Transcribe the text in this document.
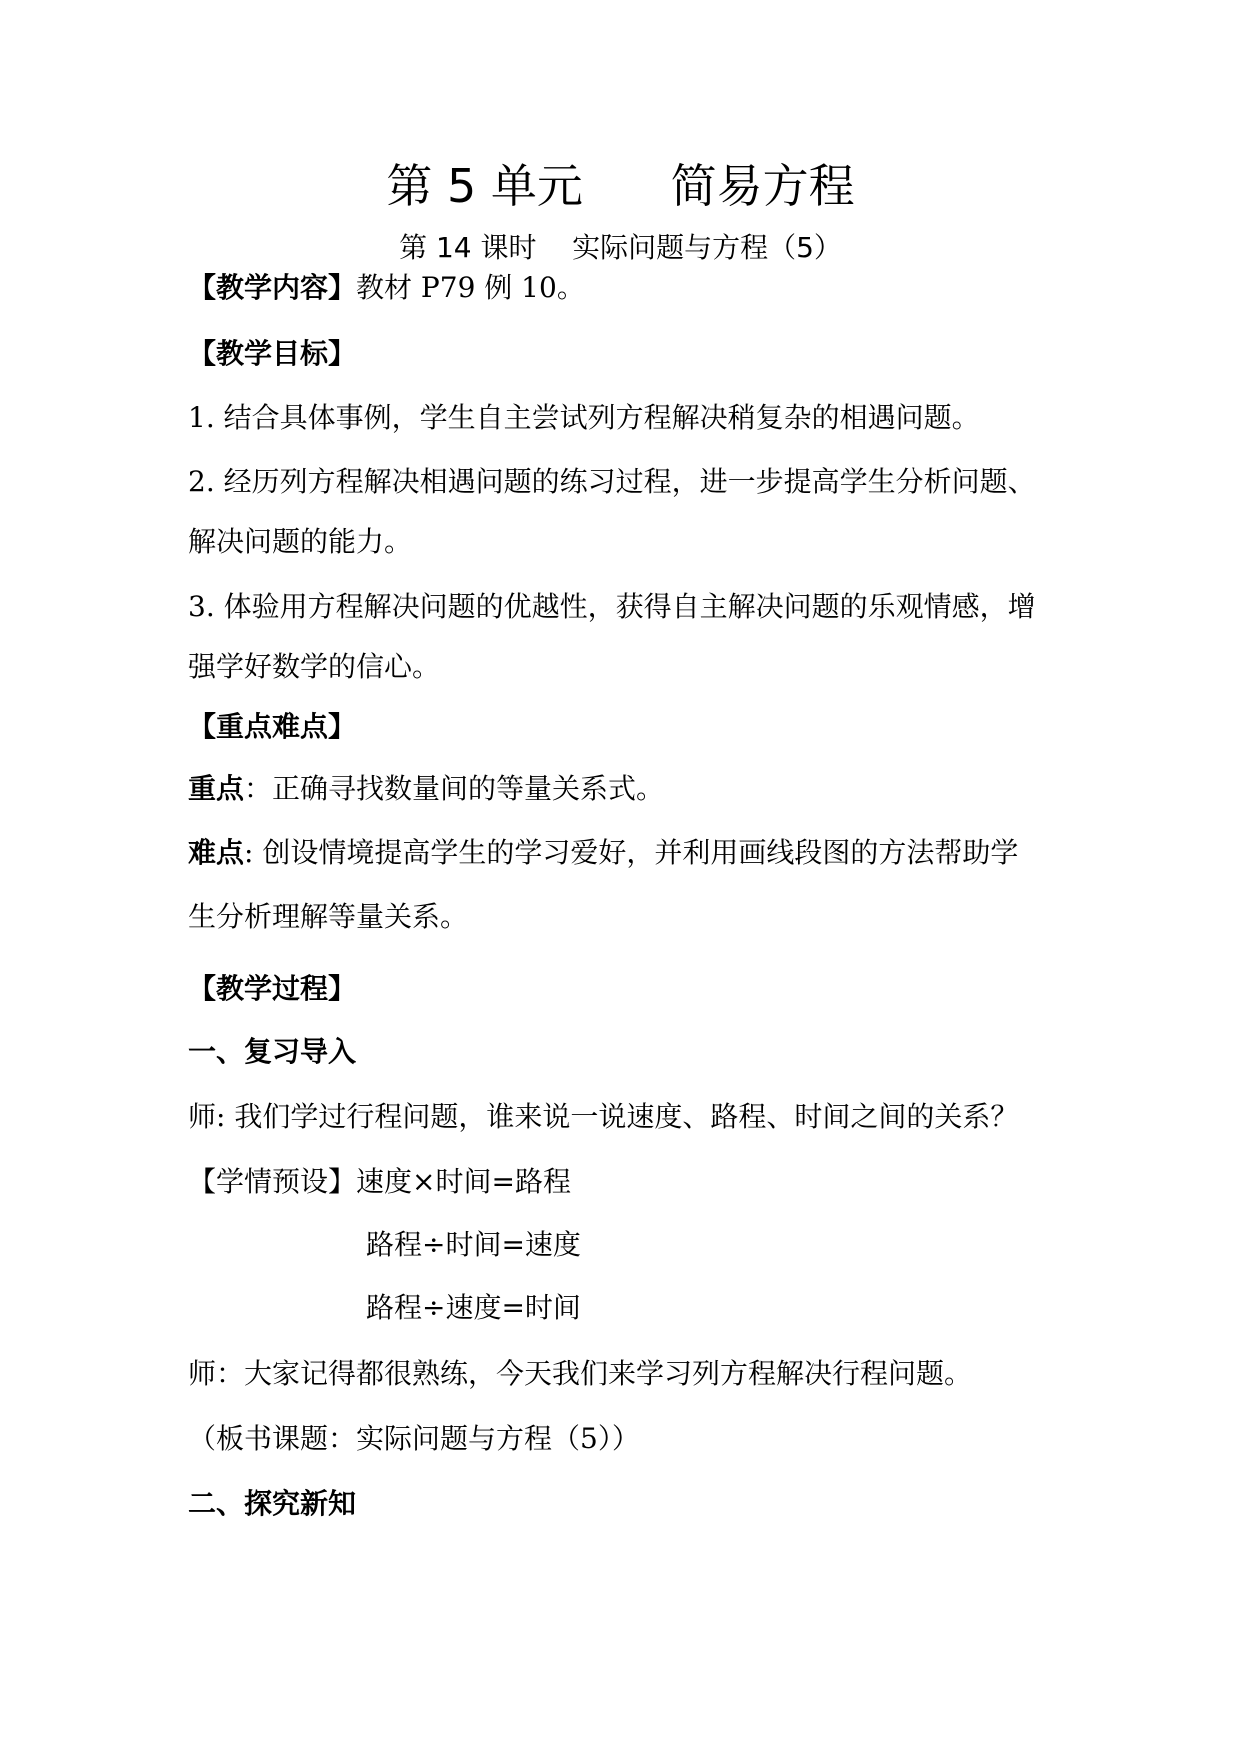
第 5 单元      简易方程
第 14 课时    实际问题与方程（5）
【教学内容】教材 P79 例 10。
【教学目标】
1. 结合具体事例，学生自主尝试列方程解决稍复杂的相遇问题。
2. 经历列方程解决相遇问题的练习过程，进一步提高学生分析问题、
解决问题的能力。
3. 体验用方程解决问题的优越性，获得自主解决问题的乐观情感，增
强学好数学的信心。
【重点难点】
重点：正确寻找数量间的等量关系式。
难点: 创设情境提高学生的学习爱好，并利用画线段图的方法帮助学
生分析理解等量关系。
【教学过程】
一、复习导入
师: 我们学过行程问题，谁来说一说速度、路程、时间之间的关系？
【学情预设】速度×时间=路程
路程÷时间=速度
路程÷速度=时间
师：大家记得都很熟练，今天我们来学习列方程解决行程问题。
（板书课题：实际问题与方程（5））
二、探究新知
